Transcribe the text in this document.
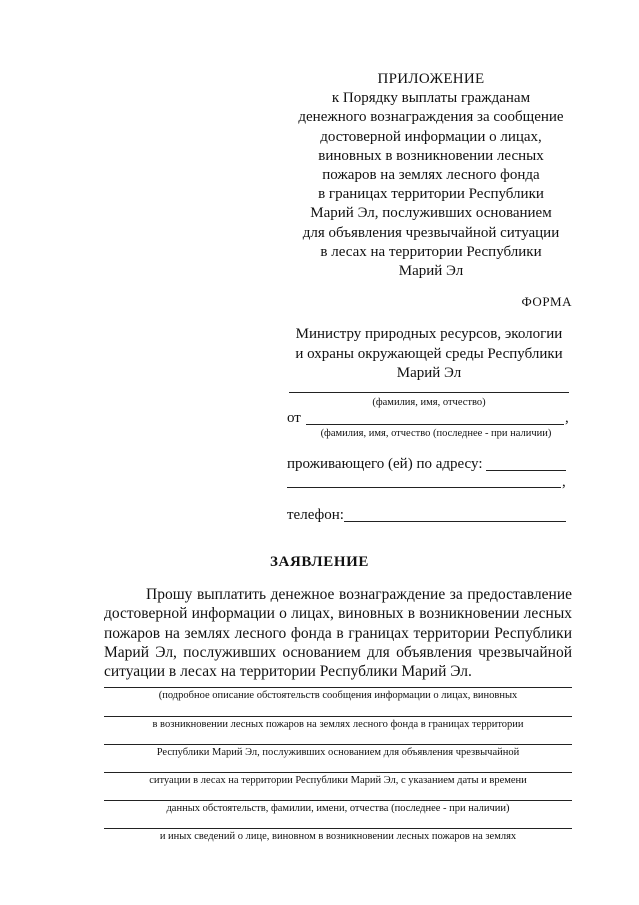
ПРИЛОЖЕНИЕ
к Порядку выплаты гражданам
денежного вознаграждения за сообщение
достоверной информации о лицах,
виновных в возникновении лесных
пожаров на землях лесного фонда
в границах территории Республики
Марий Эл, послуживших основанием
для объявления чрезвычайной ситуации
в лесах на территории Республики
Марий Эл
ФОРМА
Министру природных ресурсов, экологии
и охраны окружающей среды Республики
Марий Эл
(фамилия, имя, отчество)
от	,
(фамилия, имя, отчество (последнее - при наличии)
проживающего (ей) по адресу:
,
телефон:
ЗАЯВЛЕНИЕ
Прошу выплатить денежное вознаграждение за предоставление достоверной информации о лицах, виновных в возникновении лесных пожаров на землях лесного фонда в границах территории Республики Марий Эл, послуживших основанием для объявления чрезвычайной ситуации в лесах на территории Республики Марий Эл.
(подробное описание обстоятельств сообщения информации о лицах, виновных
в возникновении лесных пожаров на землях лесного фонда в границах территории
Республики Марий Эл, послуживших основанием для объявления чрезвычайной
ситуации в лесах на территории Республики Марий Эл, с указанием даты и времени
данных обстоятельств, фамилии, имени, отчества (последнее - при наличии)
и иных сведений о лице, виновном в возникновении лесных пожаров на землях
